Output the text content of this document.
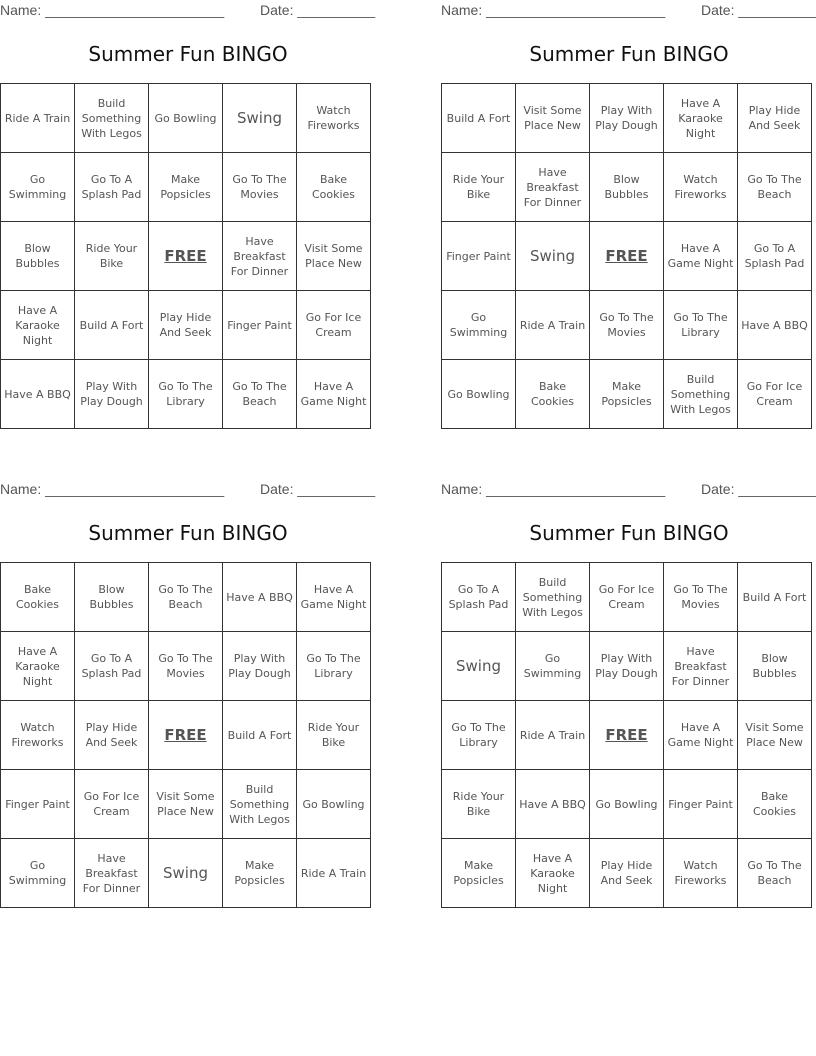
Name: _______________________	Date: __________
Summer Fun BINGO
Ride A Train	Build Something With Legos	Go Bowling	Swing	Watch Fireworks
Go Swimming	Go To A Splash Pad	Make Popsicles	Go To The Movies	Bake Cookies
Blow Bubbles	Ride Your Bike	FREE	Have Breakfast For Dinner	Visit Some Place New
Have A Karaoke Night	Build A Fort	Play Hide And Seek	Finger Paint	Go For Ice Cream
Have A BBQ	Play With Play Dough	Go To The Library	Go To The Beach	Have A Game Night
Name: _______________________	Date: __________
Summer Fun BINGO
Build A Fort	Visit Some Place New	Play With Play Dough	Have A Karaoke Night	Play Hide And Seek
Ride Your Bike	Have Breakfast For Dinner	Blow Bubbles	Watch Fireworks	Go To The Beach
Finger Paint	Swing	FREE	Have A Game Night	Go To A Splash Pad
Go Swimming	Ride A Train	Go To The Movies	Go To The Library	Have A BBQ
Go Bowling	Bake Cookies	Make Popsicles	Build Something With Legos	Go For Ice Cream
Name: _______________________	Date: __________
Summer Fun BINGO
Bake Cookies	Blow Bubbles	Go To The Beach	Have A BBQ	Have A Game Night
Have A Karaoke Night	Go To A Splash Pad	Go To The Movies	Play With Play Dough	Go To The Library
Watch Fireworks	Play Hide And Seek	FREE	Build A Fort	Ride Your Bike
Finger Paint	Go For Ice Cream	Visit Some Place New	Build Something With Legos	Go Bowling
Go Swimming	Have Breakfast For Dinner	Swing	Make Popsicles	Ride A Train
Name: _______________________	Date: __________
Summer Fun BINGO
Go To A Splash Pad	Build Something With Legos	Go For Ice Cream	Go To The Movies	Build A Fort
Swing	Go Swimming	Play With Play Dough	Have Breakfast For Dinner	Blow Bubbles
Go To The Library	Ride A Train	FREE	Have A Game Night	Visit Some Place New
Ride Your Bike	Have A BBQ	Go Bowling	Finger Paint	Bake Cookies
Make Popsicles	Have A Karaoke Night	Play Hide And Seek	Watch Fireworks	Go To The Beach
